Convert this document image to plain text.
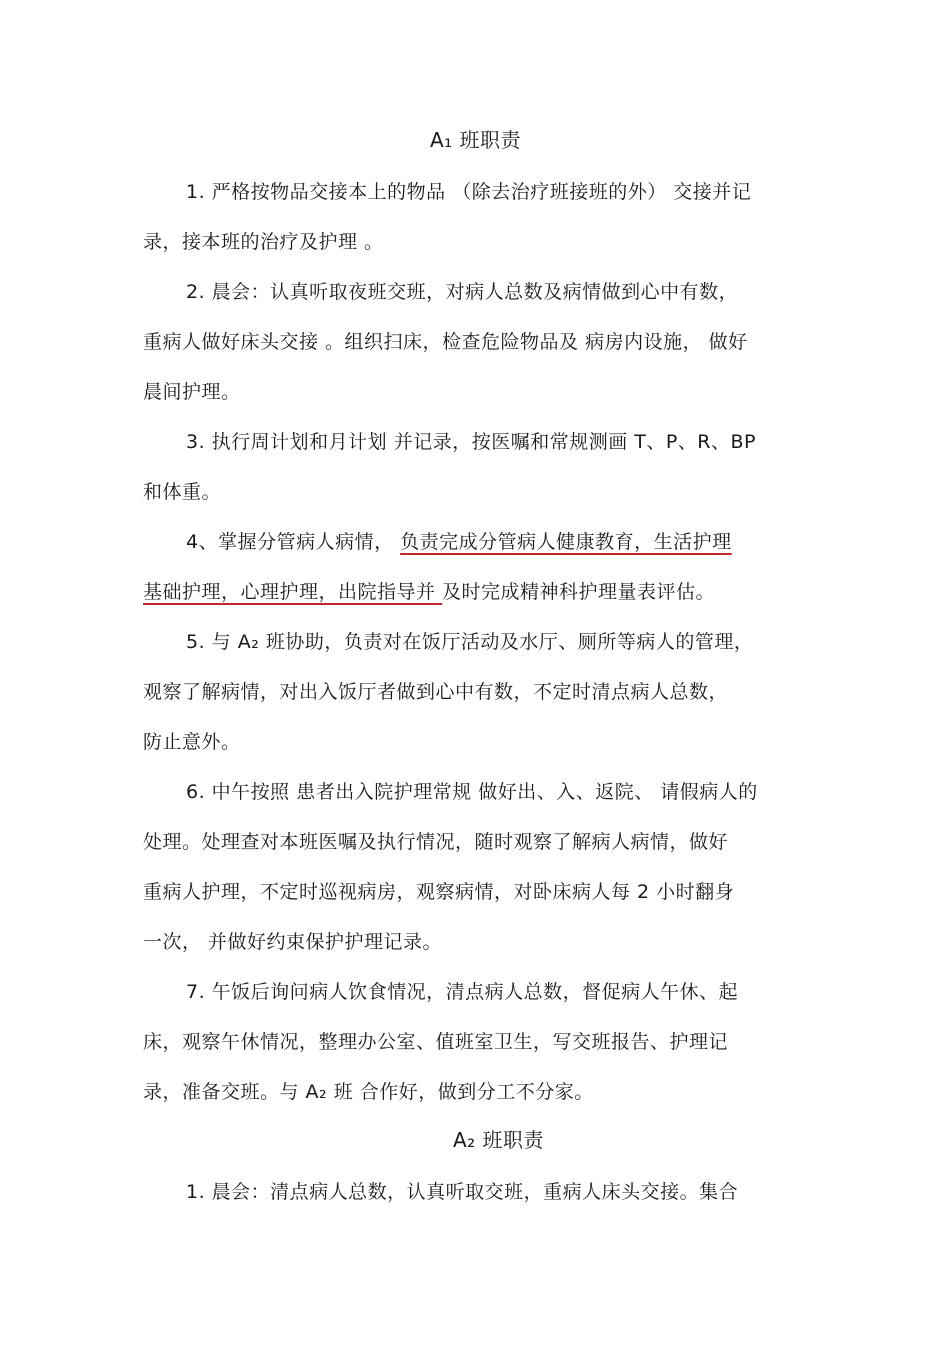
A₁ 班职责
1. 严格按物品交接本上的物品 （除去治疗班接班的外） 交接并记
录，接本班的治疗及护理 。
2. 晨会：认真听取夜班交班，对病人总数及病情做到心中有数，
重病人做好床头交接 。组织扫床，检查危险物品及 病房内设施， 做好
晨间护理。
3. 执行周计划和月计划 并记录，按医嘱和常规测画 T、P、R、BP
和体重。
4、掌握分管病人病情， 负责完成分管病人健康教育，生活护理
基础护理，心理护理，出院指导并 及时完成精神科护理量表评估。
5. 与 A₂ 班协助，负责对在饭厅活动及水厅、厕所等病人的管理，
观察了解病情，对出入饭厅者做到心中有数，不定时清点病人总数，
防止意外。
6. 中午按照 患者出入院护理常规 做好出、入、返院、 请假病人的
处理。处理查对本班医嘱及执行情况，随时观察了解病人病情，做好
重病人护理，不定时巡视病房，观察病情，对卧床病人每 2 小时翻身
一次， 并做好约束保护护理记录。
7. 午饭后询问病人饮食情况，清点病人总数，督促病人午休、起
床，观察午休情况，整理办公室、值班室卫生，写交班报告、护理记
录，准备交班。与 A₂ 班 合作好，做到分工不分家。
A₂ 班职责
1. 晨会：清点病人总数，认真听取交班，重病人床头交接。集合
